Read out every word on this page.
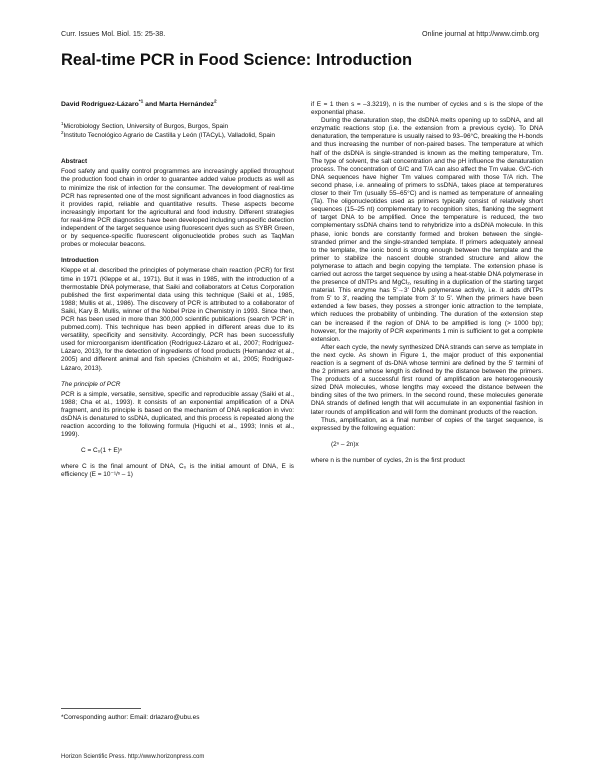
Curr. Issues Mol. Biol. 15: 25-38.	Online journal at http://www.cimb.org
Real-time PCR in Food Science: Introduction

David Rodríguez-Lázaro$^{*1}$ and Marta Hernández$^2$

$^1$Microbiology Section, University of Burgos, Burgos, Spain

$^2$Instituto Tecnológico Agrario de Castilla y León (ITACyL), Valladolid, Spain

Abstract

Food safety and quality control programmes are increasingly applied throughout the production food chain in order to guarantee added value products as well as to minimize the risk of infection for the consumer. The development of real-time PCR has represented one of the most significant advances in food diagnostics as it provides rapid, reliable and quantitative results. These aspects become increasingly important for the agricultural and food industry. Different strategies for real-time PCR diagnostics have been developed including unspecific detection independent of the target sequence using fluorescent dyes such as SYBR Green, or by sequence-specific fluorescent oligonucleotide probes such as TaqMan probes or molecular beacons.

Introduction

Kleppe et al. described the principles of polymerase chain reaction (PCR) for first time in 1971 (Kleppe et al., 1971). But it was in 1985, with the introduction of a thermostable DNA polymerase, that Saiki and collaborators at Cetus Corporation published the first experimental data using this technique (Saiki et al., 1985, 1988; Mullis et al., 1986). The discovery of PCR is attributed to a collaborator of Saiki, Kary B. Mullis, winner of the Nobel Prize in Chemistry in 1993. Since then, PCR has been used in more than 300,000 scientific publications (search 'PCR' in pubmed.com). This technique has been applied in different areas due to its versatility, specificity and sensitivity. Accordingly, PCR has been successfully used for microorganism identification (Rodríguez-Lázaro et al., 2007; Rodríguez-Lázaro, 2013), for the detection of ingredients of food products (Hernandez et al., 2005) and different animal and fish species (Chisholm et al., 2005; Rodríguez-Lázaro, 2013).

The principle of PCR

PCR is a simple, versatile, sensitive, specific and reproducible assay (Saiki et al., 1988; Cha et al., 1993). It consists of an exponential amplification of a DNA fragment, and its principle is based on the mechanism of DNA replication in vivo: dsDNA is denatured to ssDNA, duplicated, and this process is repeated along the reaction according to the following formula (Higuchi et al., 1993; Innis et al., 1999).

C = C₀(1 + E)ⁿ

where C is the final amount of DNA, C₀ is the initial amount of DNA, E is efficiency (E = 10⁻¹/ˢ – 1)

if E = 1 then s = –3.3219), n is the number of cycles and s is the slope of the exponential phase.

During the denaturation step, the dsDNA melts opening up to ssDNA, and all enzymatic reactions stop (i.e. the extension from a previous cycle). To DNA denaturation, the temperature is usually raised to 93–96°C, breaking the H-bonds and thus increasing the number of non-paired bases. The temperature at which half of the dsDNA is single-stranded is known as the melting temperature, Tm. The type of solvent, the salt concentration and the pH influence the denaturation process. The concentration of G/C and T/A can also affect the Tm value. G/C-rich DNA sequences have higher Tm values compared with those T/A rich. The second phase, i.e. annealing of primers to ssDNA, takes place at temperatures closer to their Tm (usually 55–65°C) and is named as temperature of annealing (Ta). The oligonucleotides used as primers typically consist of relatively short sequences (15–25 nt) complementary to recognition sites, flanking the segment of target DNA to be amplified. Once the temperature is reduced, the two complementary ssDNA chains tend to rehybridize into a dsDNA molecule. In this phase, ionic bonds are constantly formed and broken between the single-stranded primer and the single-stranded template. If primers adequately anneal to the template, the ionic bond is strong enough between the template and the primer to stabilize the nascent double stranded structure and allow the polymerase to attach and begin copying the template. The extension phase is carried out across the target sequence by using a heat-stable DNA polymerase in the presence of dNTPs and MgCl₂, resulting in a duplication of the starting target material. This enzyme has 5'→3' DNA polymerase activity, i.e. it adds dNTPs from 5' to 3', reading the template from 3' to 5'. When the primers have been extended a few bases, they posses a stronger ionic attraction to the template, which reduces the probability of unbinding. The duration of the extension step can be increased if the region of DNA to be amplified is long (> 1000 bp); however, for the majority of PCR experiments 1 min is sufficient to get a complete extension.

After each cycle, the newly synthesized DNA strands can serve as template in the next cycle. As shown in Figure 1, the major product of this exponential reaction is a segment of ds-DNA whose termini are defined by the 5' termini of the 2 primers and whose length is defined by the distance between the primers. The products of a successful first round of amplification are heterogeneously sized DNA molecules, whose lengths may exceed the distance between the binding sites of the two primers. In the second round, these molecules generate DNA strands of defined length that will accumulate in an exponential fashion in later rounds of amplification and will form the dominant products of the reaction.

Thus, amplification, as a final number of copies of the target sequence, is expressed by the following equation:

(2ⁿ – 2n)x

where n is the number of cycles, 2n is the first product

*Corresponding author: Email: drlazaro@ubu.es
Horizon Scientific Press. http://www.horizonpress.com
